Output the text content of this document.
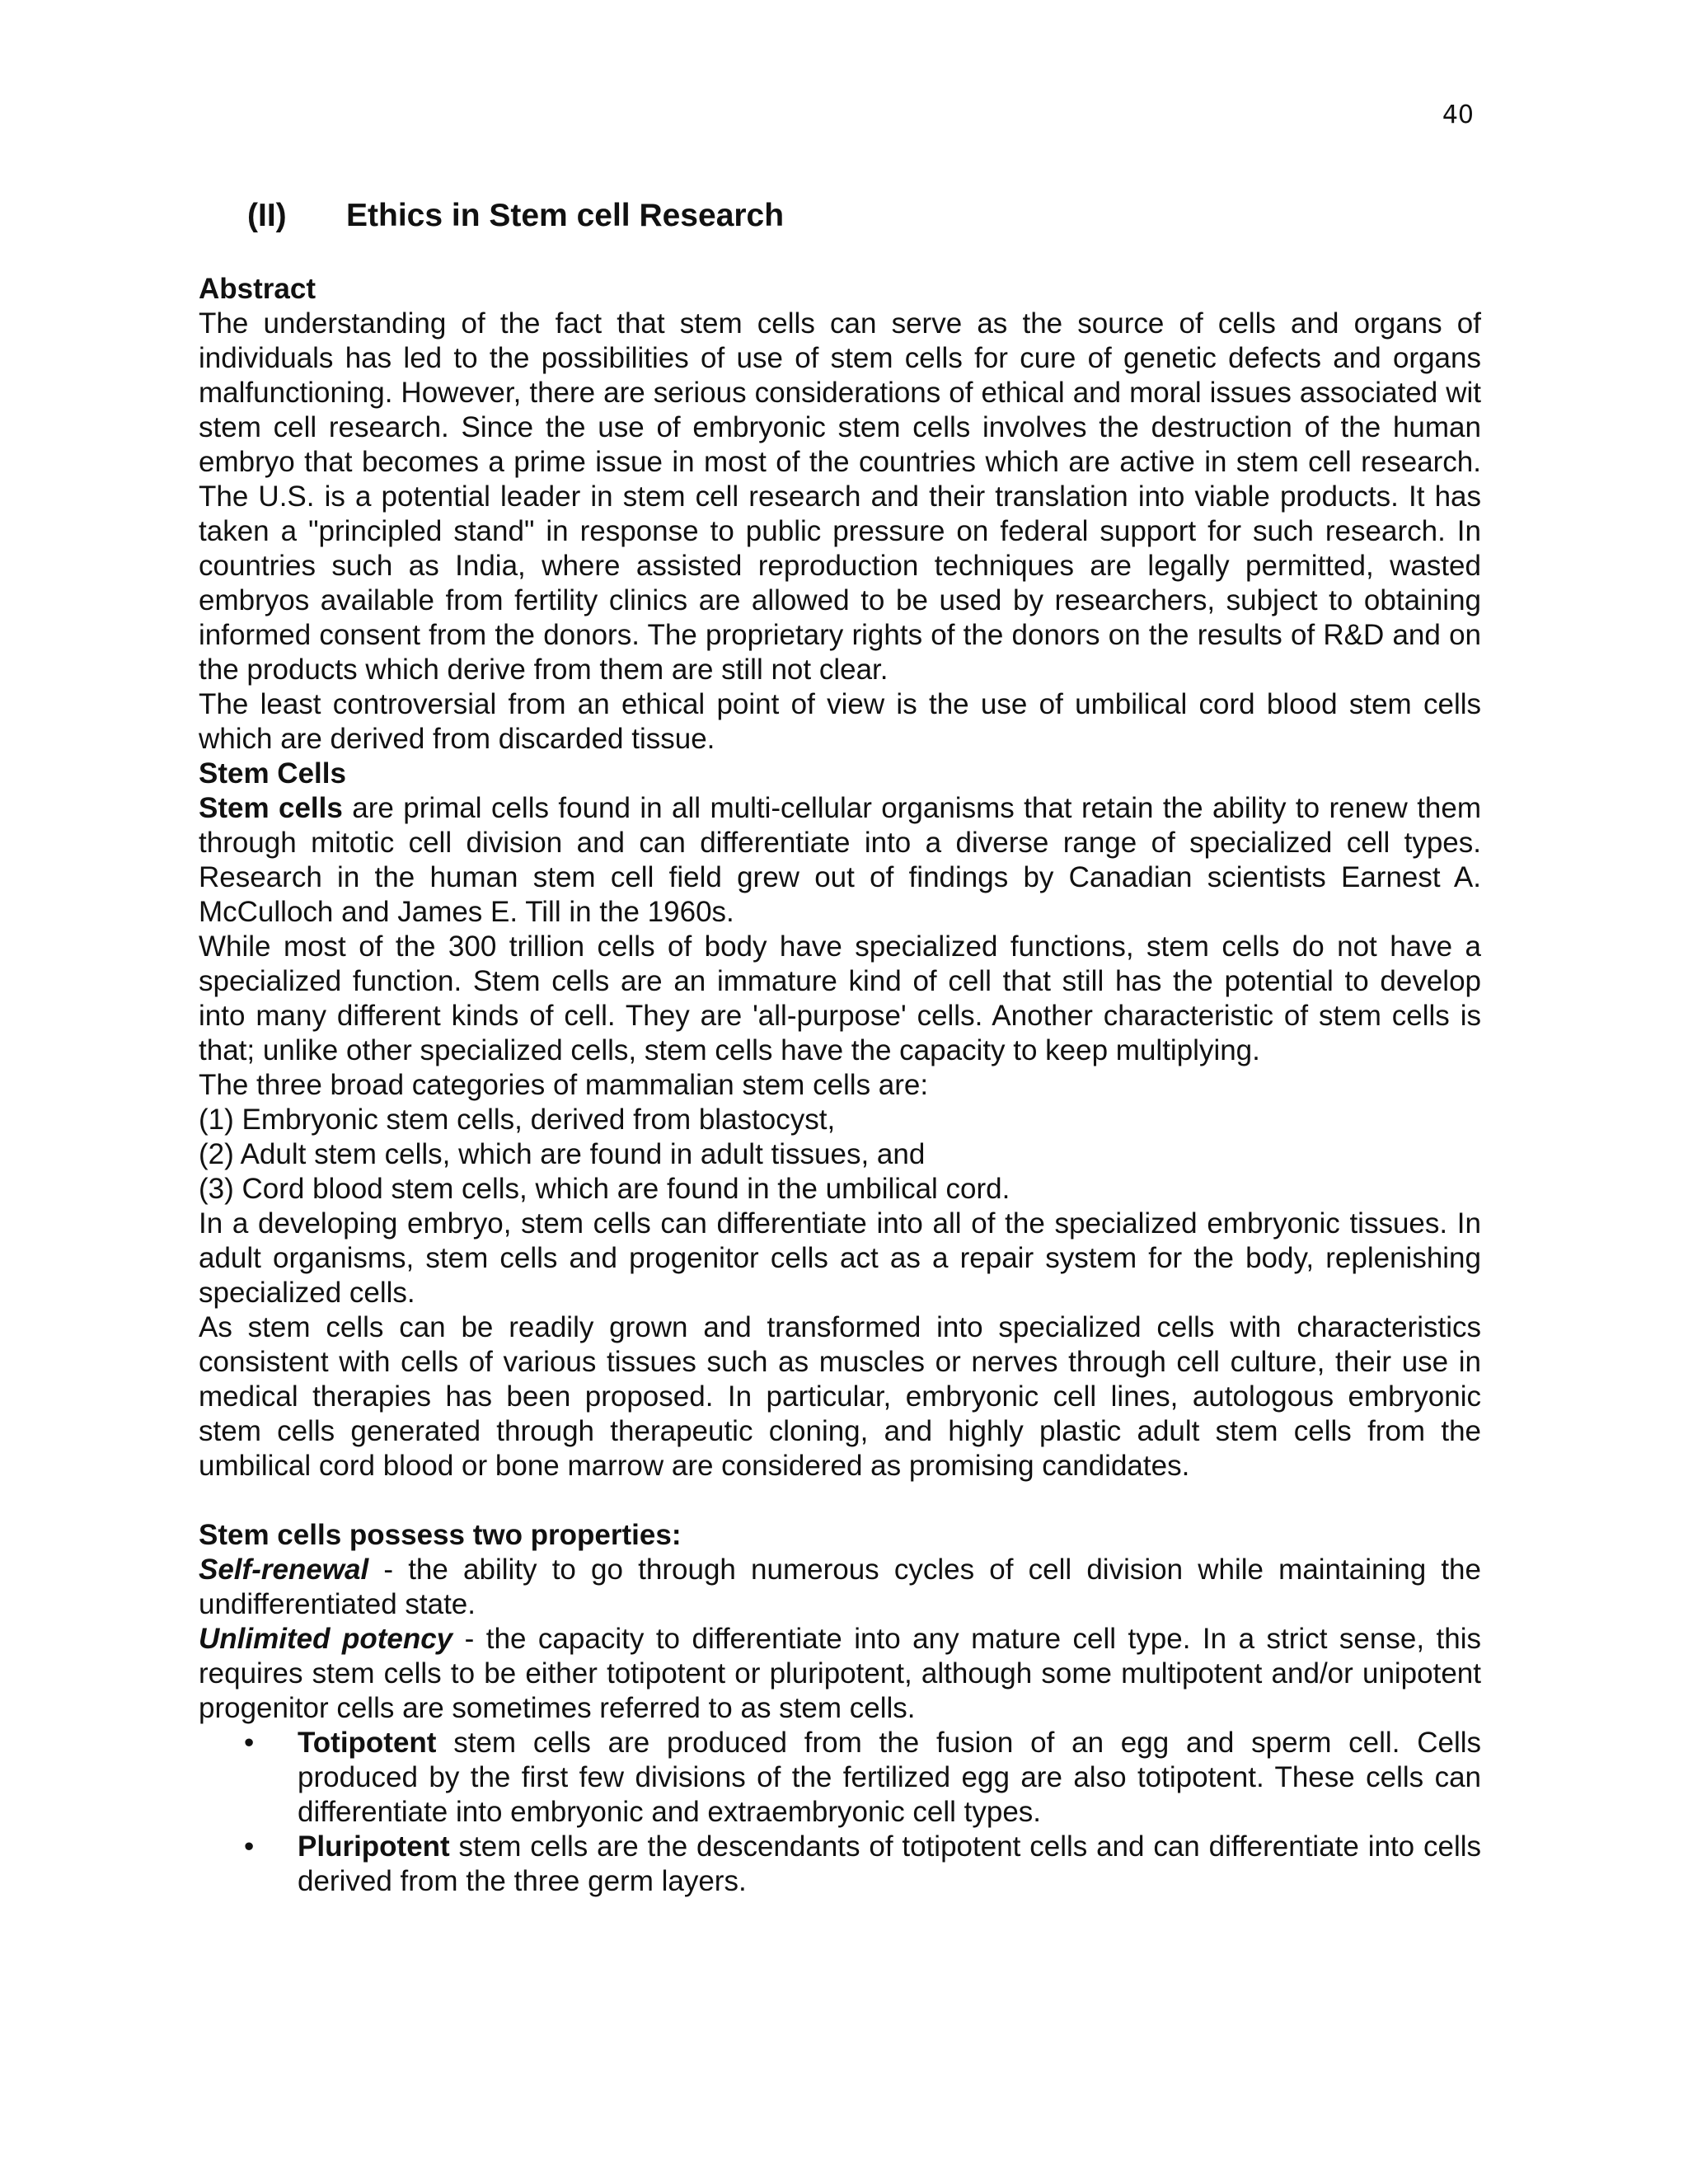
40
(II)	Ethics in Stem cell Research

Abstract

The understanding of the fact that stem cells can serve as the source of cells and organs of individuals has led to the possibilities of use of stem cells for cure of genetic defects and organs malfunctioning. However, there are serious considerations of ethical and moral issues associated wit stem cell research. Since the use of embryonic stem cells involves the destruction of the human embryo that becomes a prime issue in most of the countries which are active in stem cell research. The U.S. is a potential leader in stem cell research and their translation into viable products. It has taken a "principled stand" in response to public pressure on federal support for such research. In countries such as India, where assisted reproduction techniques are legally permitted, wasted embryos available from fertility clinics are allowed to be used by researchers, subject to obtaining informed consent from the donors. The proprietary rights of the donors on the results of R&D and on the products which derive from them are still not clear.

The least controversial from an ethical point of view is the use of umbilical cord blood stem cells which are derived from discarded tissue.

Stem Cells

Stem cells are primal cells found in all multi-cellular organisms that retain the ability to renew them through mitotic cell division and can differentiate into a diverse range of specialized cell types. Research in the human stem cell field grew out of findings by Canadian scientists Earnest A. McCulloch and James E. Till in the 1960s.

While most of the 300 trillion cells of body have specialized functions, stem cells do not have a specialized function. Stem cells are an immature kind of cell that still has the potential to develop into many different kinds of cell. They are 'all-purpose' cells. Another characteristic of stem cells is that; unlike other specialized cells, stem cells have the capacity to keep multiplying.

The three broad categories of mammalian stem cells are:

(1) Embryonic stem cells, derived from blastocyst,

(2) Adult stem cells, which are found in adult tissues, and

(3) Cord blood stem cells, which are found in the umbilical cord.

In a developing embryo, stem cells can differentiate into all of the specialized embryonic tissues. In adult organisms, stem cells and progenitor cells act as a repair system for the body, replenishing specialized cells.

As stem cells can be readily grown and transformed into specialized cells with characteristics consistent with cells of various tissues such as muscles or nerves through cell culture, their use in medical therapies has been proposed. In particular, embryonic cell lines, autologous embryonic stem cells generated through therapeutic cloning, and highly plastic adult stem cells from the umbilical cord blood or bone marrow are considered as promising candidates.

Stem cells possess two properties:

Self-renewal - the ability to go through numerous cycles of cell division while maintaining the undifferentiated state.

Unlimited potency - the capacity to differentiate into any mature cell type. In a strict sense, this requires stem cells to be either totipotent or pluripotent, although some multipotent and/or unipotent progenitor cells are sometimes referred to as stem cells.

• Totipotent stem cells are produced from the fusion of an egg and sperm cell. Cells produced by the first few divisions of the fertilized egg are also totipotent. These cells can differentiate into embryonic and extraembryonic cell types.
• Pluripotent stem cells are the descendants of totipotent cells and can differentiate into cells derived from the three germ layers.
